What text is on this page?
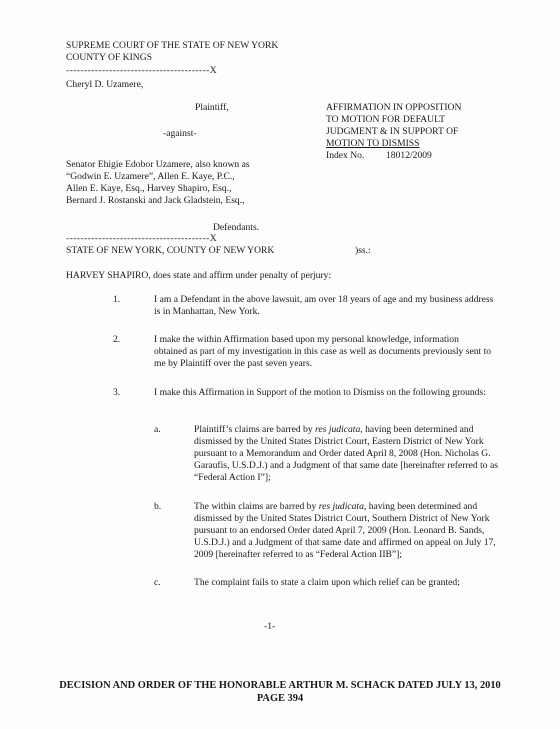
SUPREME COURT OF THE STATE OF NEW YORK
COUNTY OF KINGS
----------------------------------------X
Cheryl D. Uzamere,
Plaintiff,
-against-
Senator Ehigie Edobor Uzamere, also known as
“Godwin E. Uzamere”, Allen E. Kaye, P.C.,
Allen E. Kaye, Esq., Harvey Shapiro, Esq.,
Bernard J. Rostanski and Jack Gladstein, Esq.,
Defendants.
----------------------------------------X
STATE OF NEW YORK, COUNTY OF NEW YORK	)ss.:
AFFIRMATION IN OPPOSITION
TO MOTION FOR DEFAULT
JUDGMENT & IN SUPPORT OF
MOTION TO DISMISS
Index No. 18012/2009
HARVEY SHAPIRO, does state and affirm under penalty of perjury:
1.	I am a Defendant in the above lawsuit, am over 18 years of age and my business address is in Manhattan, New York.
2.	I make the within Affirmation based upon my personal knowledge, information obtained as part of my investigation in this case as well as documents previously sent to me by Plaintiff over the past seven years.
3.	I make this Affirmation in Support of the motion to Dismiss on the following grounds:
a.	Plaintiff’s claims are barred by res judicata, having been determined and dismissed by the United States District Court, Eastern District of New York pursuant to a Memorandum and Order dated April 8, 2008 (Hon. Nicholas G. Garaufis, U.S.D.J.) and a Judgment of that same date [hereinafter referred to as “Federal Action I”];
b.	The within claims are barred by res judicata, having been determined and dismissed by the United States District Court, Southern District of New York pursuant to an endorsed Order dated April 7, 2009 (Hon. Leonard B. Sands, U.S.D.J.) and a Judgment of that same date and affirmed on appeal on July 17, 2009 [hereinafter referred to as “Federal Action IIB”];
c.	The complaint fails to state a claim upon which relief can be granted;
-1-
DECISION AND ORDER OF THE HONORABLE ARTHUR M. SCHACK DATED JULY 13, 2010
PAGE 394
